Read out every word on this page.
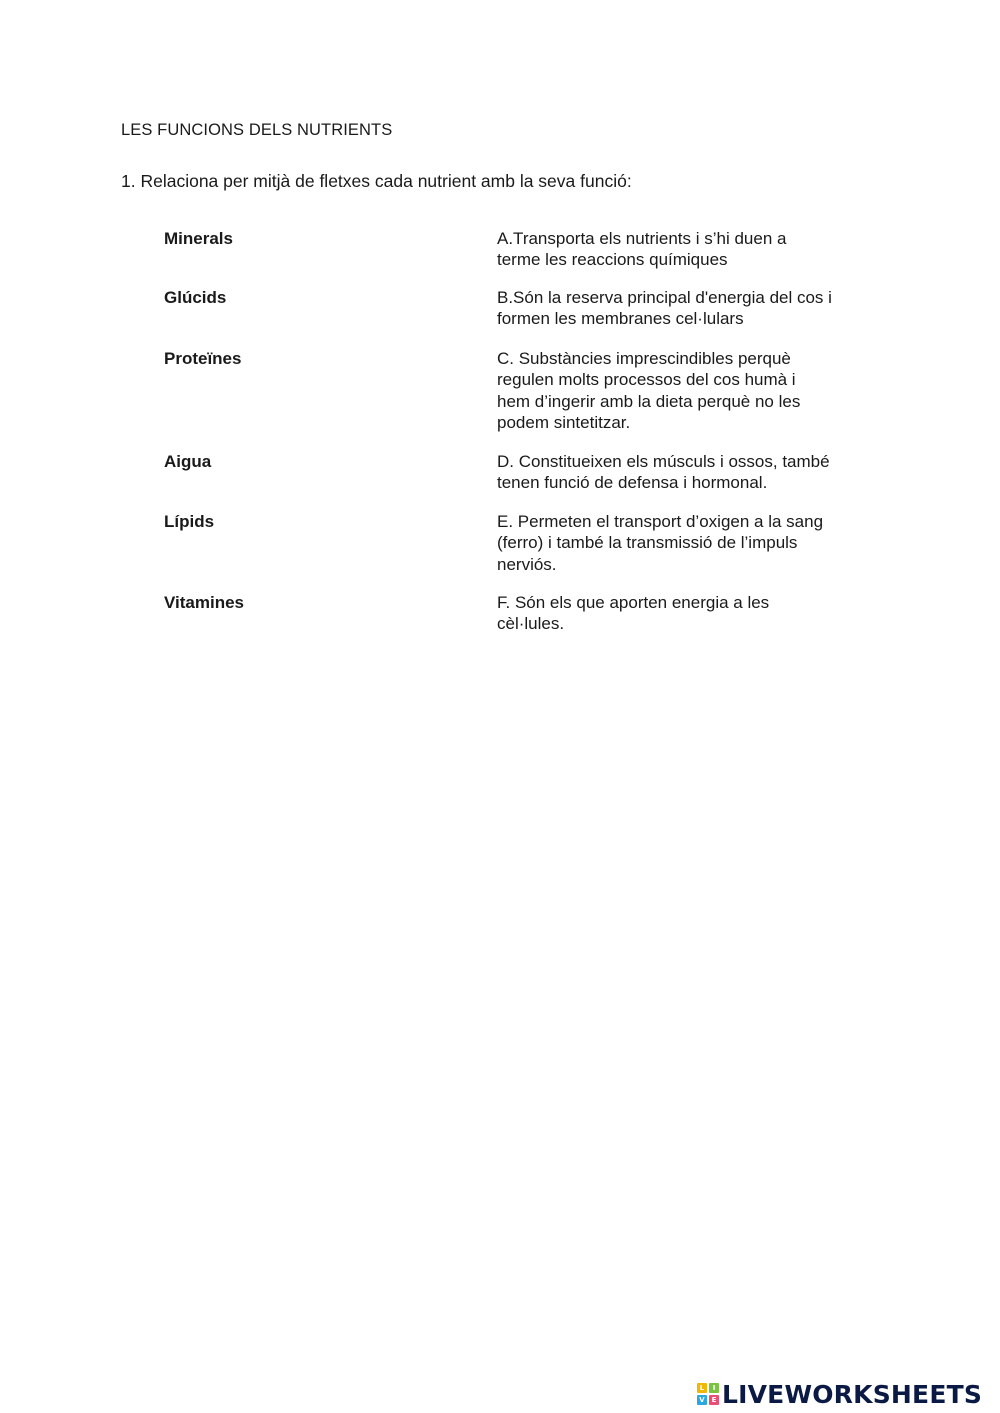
LES FUNCIONS DELS NUTRIENTS
1. Relaciona per mitjà de fletxes cada nutrient amb la seva funció:
Minerals	A.Transporta els nutrients i s’hi duen a
terme les reaccions químiques
Glúcids	B.Són la reserva principal d'energia del cos i
formen les membranes cel·lulars
Proteïnes	C. Substàncies imprescindibles perquè
regulen molts processos del cos humà i
hem d’ingerir amb la dieta perquè no les
podem sintetitzar.
Aigua	D. Constitueixen els músculs i ossos, també
tenen funció de defensa i hormonal.
Lípids	E. Permeten el transport d’oxigen a la sang
(ferro) i també la transmissió de l’impuls
nerviós.
Vitamines	F. Són els que aporten energia a les
cèl·lules.
L	I
V E LIVEWORKSHEETS
